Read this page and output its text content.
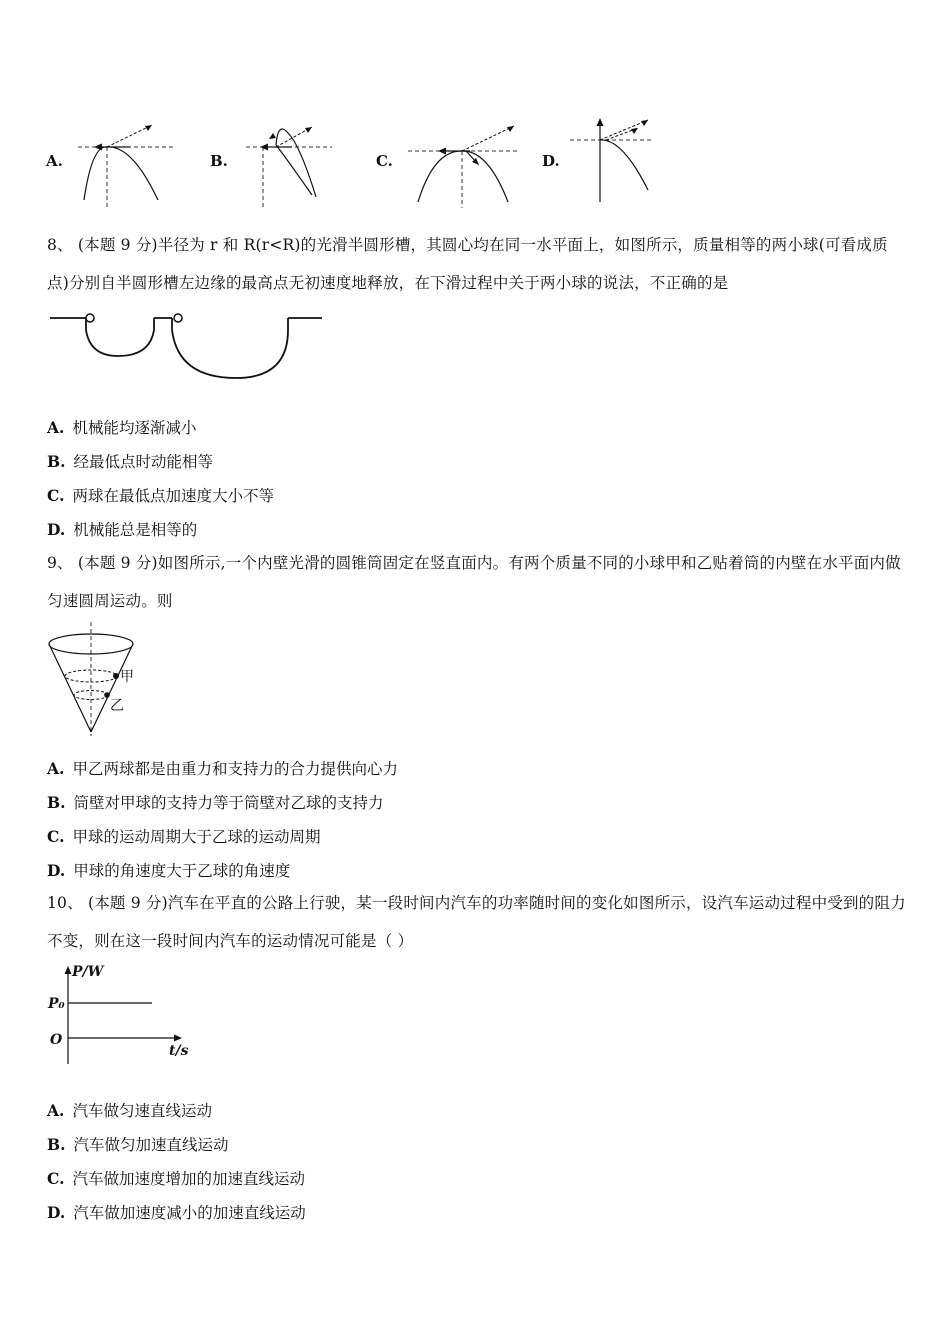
A.	B.	C.	D.
8、 (本题 9 分)半径为 r 和 R(r<R)的光滑半圆形槽，其圆心均在同一水平面上，如图所示，质量相等的两小球(可看成质点)分别自半圆形槽左边缘的最高点无初速度地释放，在下滑过程中关于两小球的说法，不正确的是
A. 机械能均逐渐减小
B. 经最低点时动能相等
C. 两球在最低点加速度大小不等
D. 机械能总是相等的
9、 (本题 9 分)如图所示,一个内壁光滑的圆锥筒固定在竖直面内。有两个质量不同的小球甲和乙贴着筒的内壁在水平面内做匀速圆周运动。则
甲
乙
A. 甲乙两球都是由重力和支持力的合力提供向心力
B. 筒壁对甲球的支持力等于筒壁对乙球的支持力
C. 甲球的运动周期大于乙球的运动周期
D. 甲球的角速度大于乙球的角速度
10、 (本题 9 分)汽车在平直的公路上行驶，某一段时间内汽车的功率随时间的变化如图所示，设汽车运动过程中受到的阻力不变，则在这一段时间内汽车的运动情况可能是（ ）
P/W
P₀
O
t/s
A. 汽车做匀速直线运动
B. 汽车做匀加速直线运动
C. 汽车做加速度增加的加速直线运动
D. 汽车做加速度减小的加速直线运动
